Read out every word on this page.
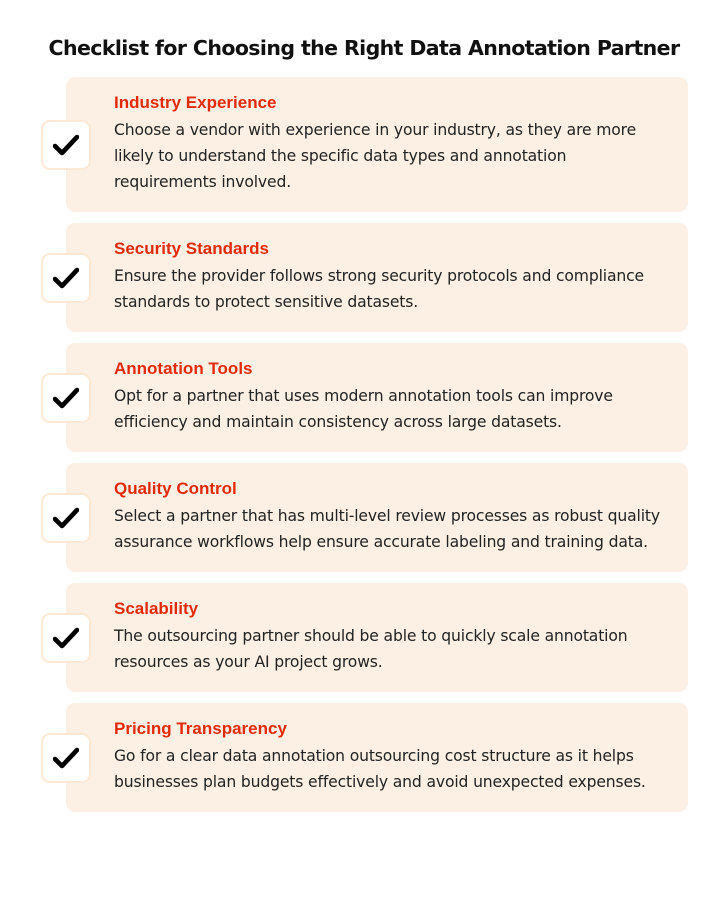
Checklist for Choosing the Right Data Annotation Partner
Industry Experience
Choose a vendor with experience in your industry, as they are more likely to understand the specific data types and annotation requirements involved.
Security Standards
Ensure the provider follows strong security protocols and compliance standards to protect sensitive datasets.
Annotation Tools
Opt for a partner that uses modern annotation tools can improve efficiency and maintain consistency across large datasets.
Quality Control
Select a partner that has multi-level review processes as robust quality assurance workflows help ensure accurate labeling and training data.
Scalability
The outsourcing partner should be able to quickly scale annotation resources as your AI project grows.
Pricing Transparency
Go for a clear data annotation outsourcing cost structure as it helps businesses plan budgets effectively and avoid unexpected expenses.
